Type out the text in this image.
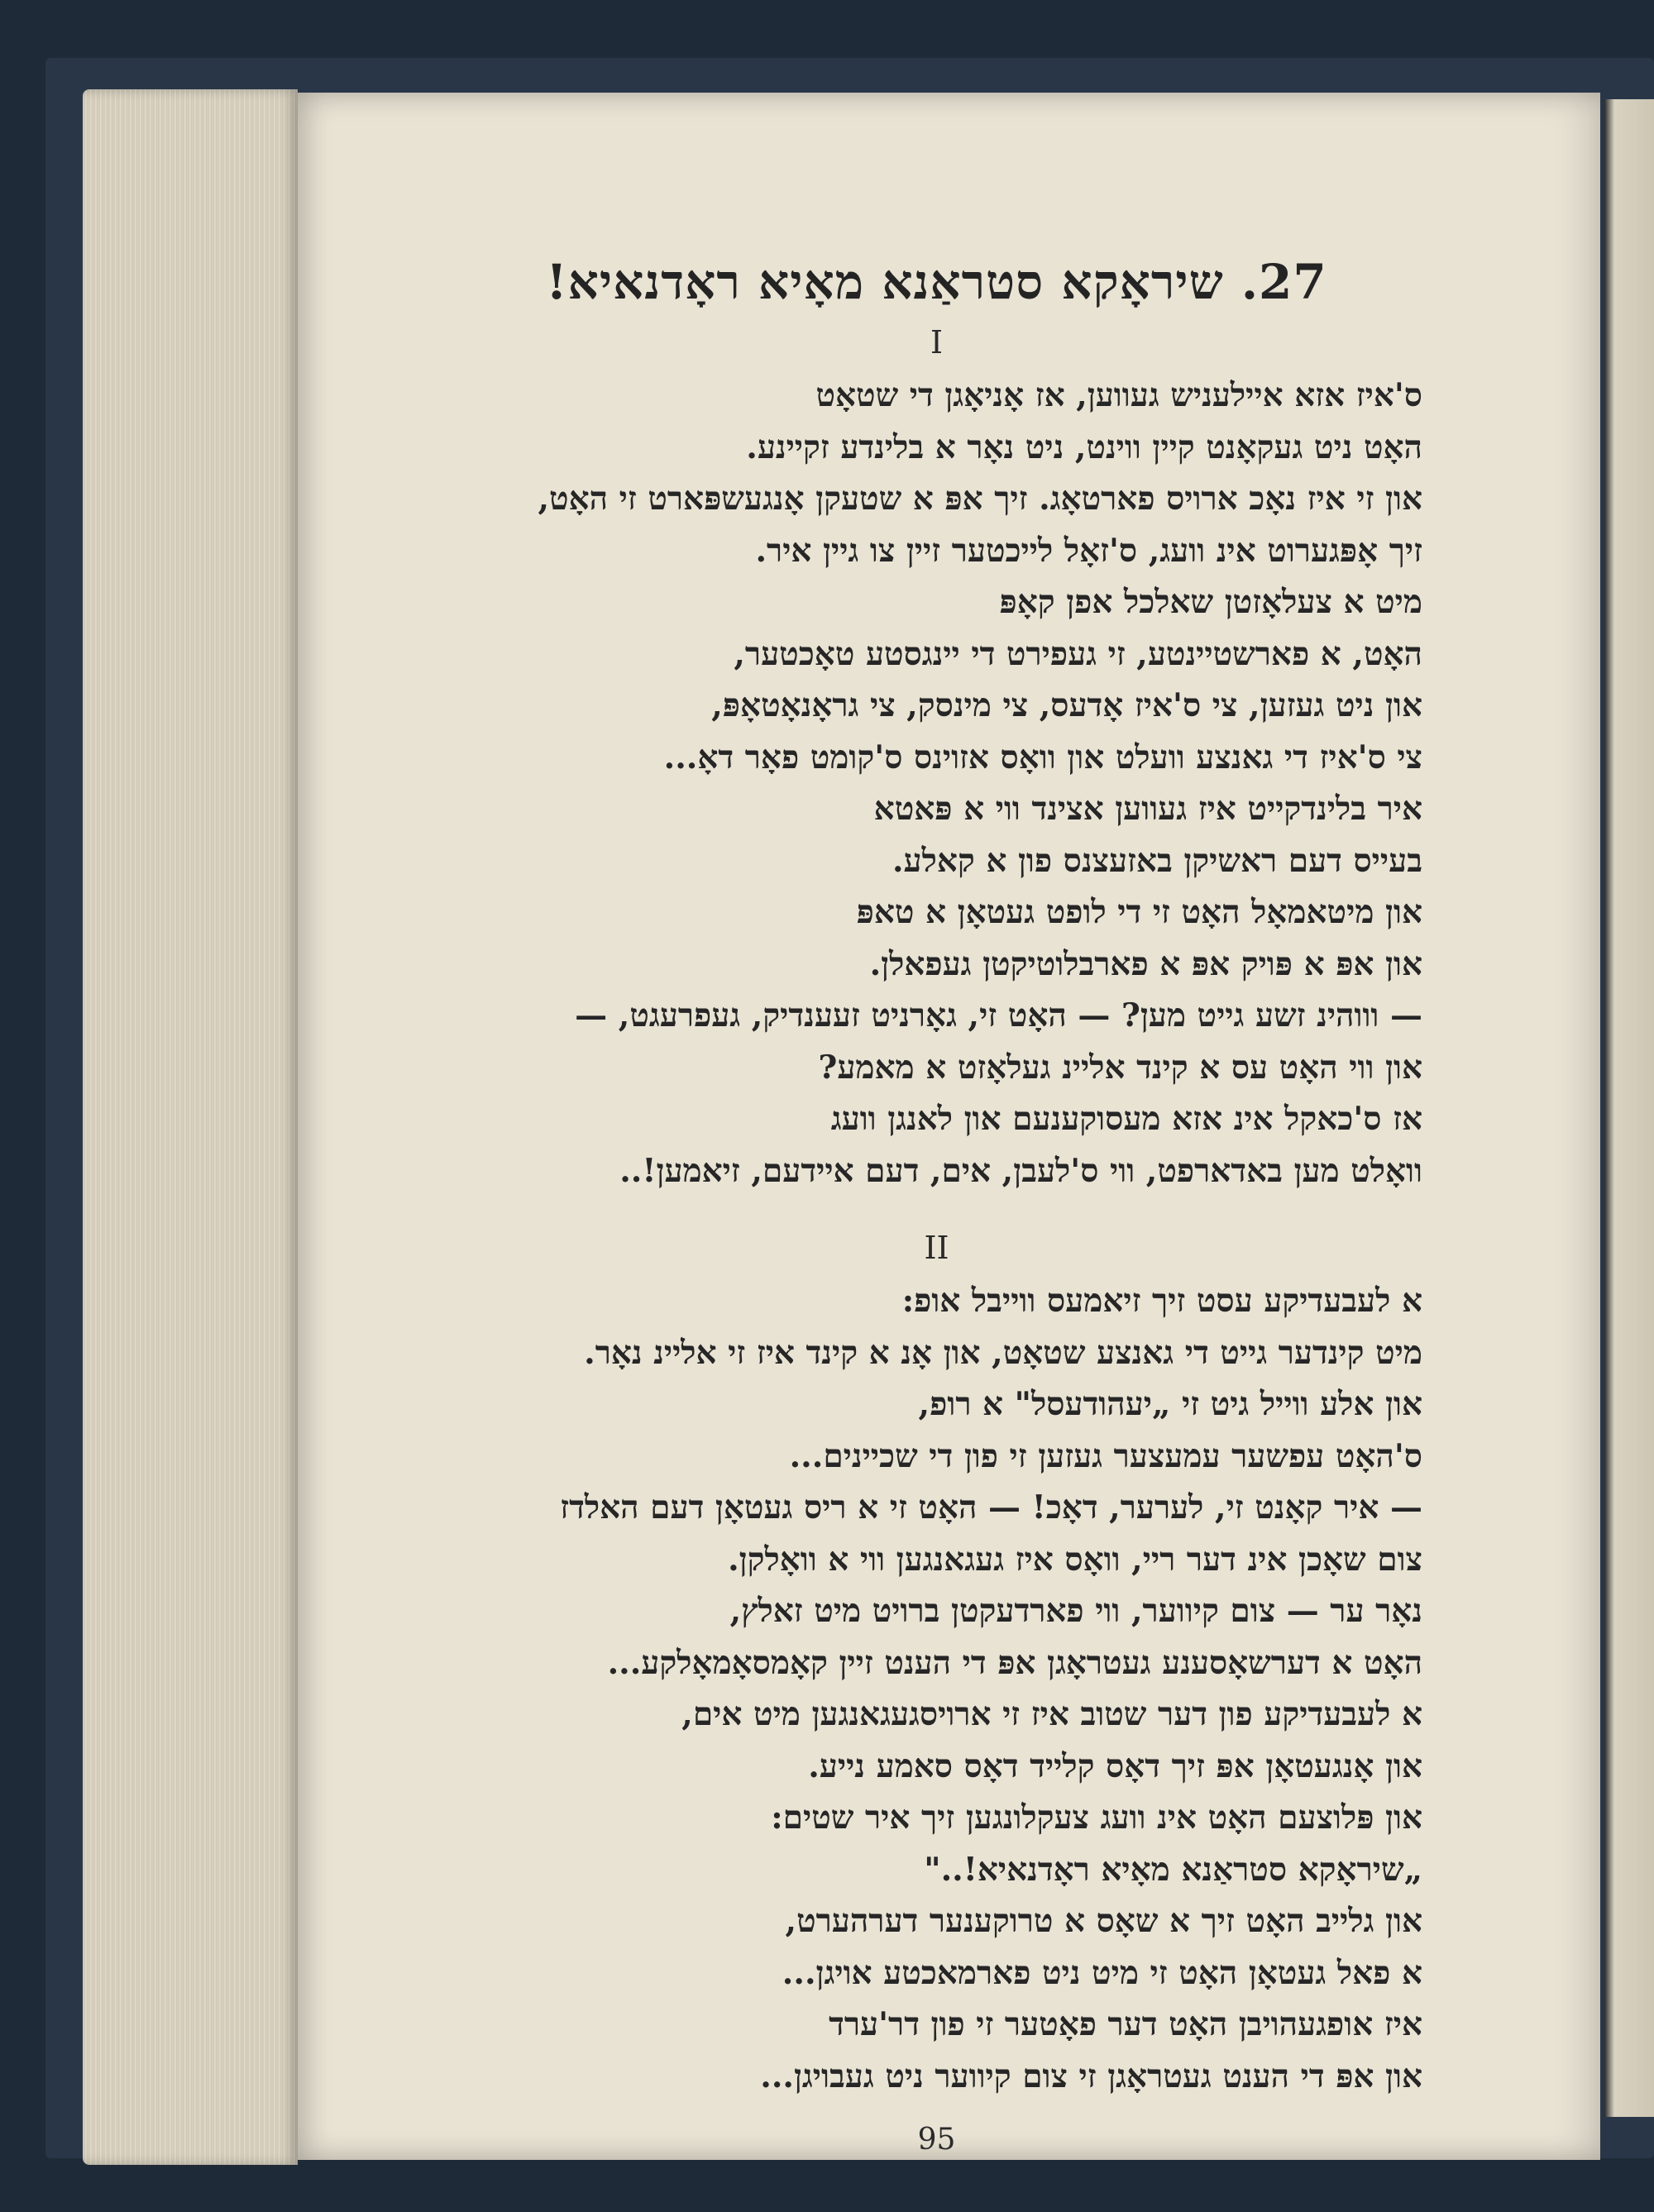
27. שיראָקא סטראַנא מאָיא ראָדנאיא!
I
ס'איז אזא איילעניש געווען, אז אָניאָגן די שטאָט
האָט ניט געקאָנט קיין ווינט, ניט נאָר א בלינדע זקיינע.
און זי איז נאָכ ארויס פארטאָג. זיך אפּ א שטעקן אָנגעשפּארט זי האָט,
זיך אָפּגערוט אינ וועג, ס'זאָל לייכטער זיין צו גיין איר.
מיט א צעלאָזטן שאלכל אפן קאָפּ
האָט, א פארשטיינטע, זי געפירט די יינגסטע טאָכטער,
און ניט געזען, צי ס'איז אָדעס, צי מינסק, צי גראָנאָטאָפּ,
צי ס'איז די גאנצע וועלט און וואָס אזוינס ס'קומט פאָר דאָ...
איר בלינדקייט איז געווען אצינד ווי א פּאטא
בעייס דעם ראשיקן באזעצנס פון א קאלע.
און מיטאמאָל האָט זי די לופט געטאָן א טאפּ
און אפּ א פּויק אפּ א פארבלוטיקטן געפאלן.
— וווהינ זשע גייט מען? — האָט זי, גאָרניט זעענדיק, געפרעגט, —
און ווי האָט עס א קינד אליינ געלאָזט א מאמע?
אז ס'כאקל אינ אזא מעסוקענעם און לאנגן וועג
וואָלט מען באדארפט, ווי ס'לעבן, אים, דעם איידעם, זיאמען!..
II
א לעבעדיקע עסט זיך זיאמעס ווייבל אופ:
מיט קינדער גייט די גאנצע שטאָט, און אָנ א קינד איז זי אליינ נאָר.
און אלע ווייל גיט זי „יעהודעסל" א רופ,
ס'האָט עפשער עמעצער געזען זי פון די שכיינים...
— איר קאָנט זי, לערער, דאָכ! — האָט זי א ריס געטאָן דעם האלדז
צום שאָכן אינ דער ריי, וואָס איז געגאנגען ווי א וואָלקן.
נאָר ער — צום קיווער, ווי פארדעקטן ברויט מיט זאלץ,
האָט א דערשאָסענע געטראָגן אפּ די הענט זיין קאָמסאָמאָלקע...
א לעבעדיקע פון דער שטוב איז זי ארויסגעגאנגען מיט אים,
און אָנגעטאָן אפּ זיך דאָס קלייד דאָס סאמע נייע.
און פּלוצעם האָט אינ וועג צעקלונגען זיך איר שטים:
„שיראָקא סטראַנא מאָיא ראָדנאיא!.."
און גלייב האָט זיך א שאָס א טרוקענער דערהערט,
א פאל געטאָן האָט זי מיט ניט פארמאכטע אויגן...
איז אופגעהויבן האָט דער פאָטער זי פון דר'ערד
און אפּ די הענט געטראָגן זי צום קיווער ניט געבויגן...
95
